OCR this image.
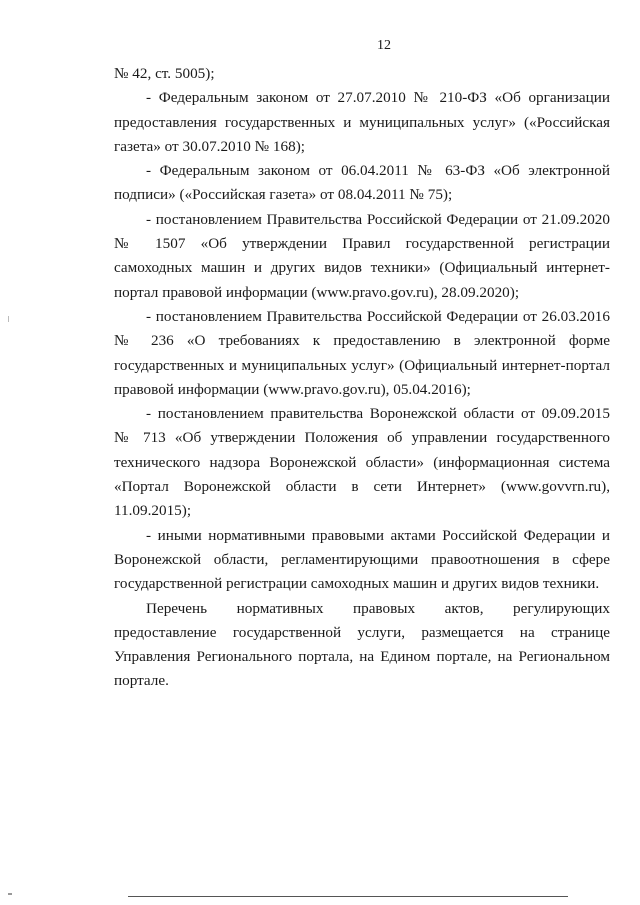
12

№ 42, ст. 5005);

- Федеральным законом от 27.07.2010 № 210-ФЗ «Об организации предоставления государственных и муниципальных услуг» («Российская газета» от 30.07.2010 № 168);

- Федеральным законом от 06.04.2011 № 63-ФЗ «Об электронной подписи» («Российская газета» от 08.04.2011 № 75);

- постановлением Правительства Российской Федерации от 21.09.2020 № 1507 «Об утверждении Правил государственной регистрации самоходных машин и других видов техники» (Официальный интернет-портал правовой информации (www.pravo.gov.ru), 28.09.2020);

- постановлением Правительства Российской Федерации от 26.03.2016 № 236 «О требованиях к предоставлению в электронной форме государственных и муниципальных услуг» (Официальный интернет-портал правовой информации (www.pravo.gov.ru), 05.04.2016);

- постановлением правительства Воронежской области от 09.09.2015 № 713 «Об утверждении Положения об управлении государственного технического надзора Воронежской области» (информационная система «Портал Воронежской области в сети Интернет» (www.govvrn.ru), 11.09.2015);

- иными нормативными правовыми актами Российской Федерации и Воронежской области, регламентирующими правоотношения в сфере государственной регистрации самоходных машин и других видов техники.

Перечень нормативных правовых актов, регулирующих предоставление государственной услуги, размещается на странице Управления Регионального портала, на Едином портале, на Региональном портале.
